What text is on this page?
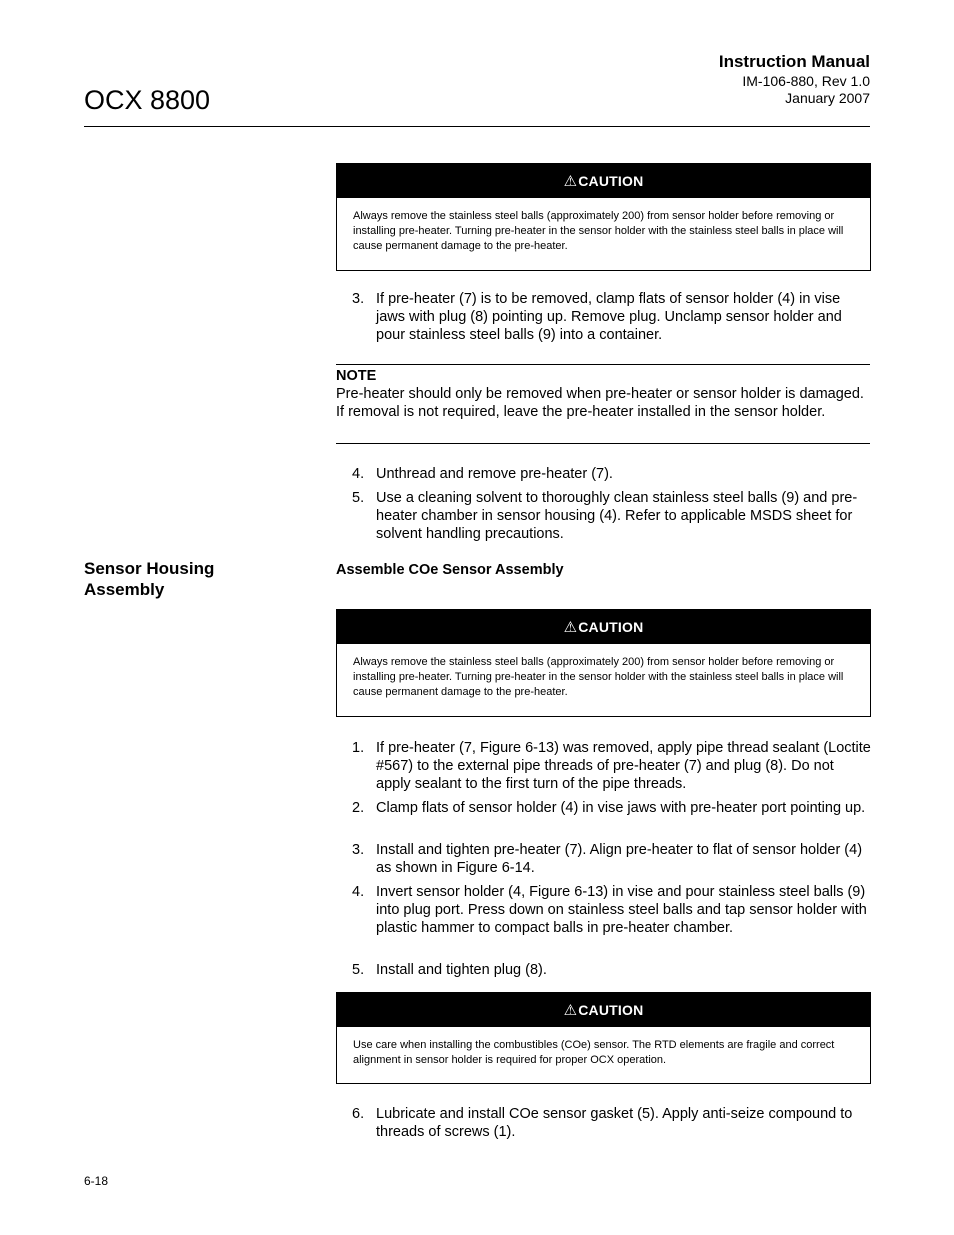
OCX 8800
Instruction Manual
IM-106-880, Rev 1.0
January 2007
⚠ CAUTION
Always remove the stainless steel balls (approximately 200) from sensor holder before removing or installing pre-heater. Turning pre-heater in the sensor holder with the stainless steel balls in place will cause permanent damage to the pre-heater.
3. If pre-heater (7) is to be removed, clamp flats of sensor holder (4) in vise jaws with plug (8) pointing up. Remove plug. Unclamp sensor holder and pour stainless steel balls (9) into a container.
NOTE
Pre-heater should only be removed when pre-heater or sensor holder is damaged. If removal is not required, leave the pre-heater installed in the sensor holder.
4. Unthread and remove pre-heater (7).
5. Use a cleaning solvent to thoroughly clean stainless steel balls (9) and pre-heater chamber in sensor housing (4). Refer to applicable MSDS sheet for solvent handling precautions.
Sensor Housing Assembly
Assemble COe Sensor Assembly
⚠ CAUTION
Always remove the stainless steel balls (approximately 200) from sensor holder before removing or installing pre-heater. Turning pre-heater in the sensor holder with the stainless steel balls in place will cause permanent damage to the pre-heater.
1. If pre-heater (7, Figure 6-13) was removed, apply pipe thread sealant (Loctite #567) to the external pipe threads of pre-heater (7) and plug (8). Do not apply sealant to the first turn of the pipe threads.
2. Clamp flats of sensor holder (4) in vise jaws with pre-heater port pointing up.
3. Install and tighten pre-heater (7). Align pre-heater to flat of sensor holder (4) as shown in Figure 6-14.
4. Invert sensor holder (4, Figure 6-13) in vise and pour stainless steel balls (9) into plug port. Press down on stainless steel balls and tap sensor holder with plastic hammer to compact balls in pre-heater chamber.
5. Install and tighten plug (8).
⚠ CAUTION
Use care when installing the combustibles (COe) sensor. The RTD elements are fragile and correct alignment in sensor holder is required for proper OCX operation.
6. Lubricate and install COe sensor gasket (5). Apply anti-seize compound to threads of screws (1).
6-18
